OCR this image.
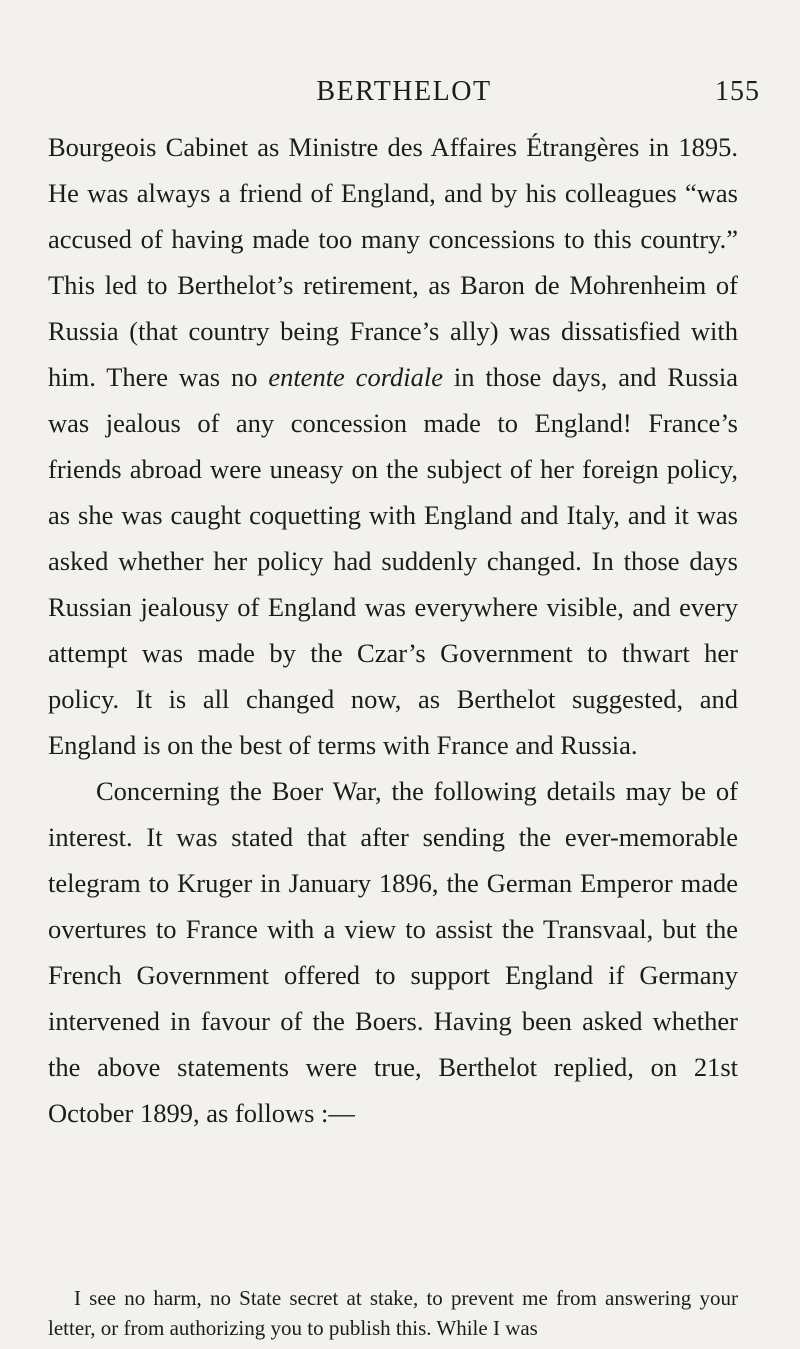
BERTHELOT	155

Bourgeois Cabinet as Ministre des Affaires Étrangères in 1895. He was always a friend of England, and by his colleagues “was accused of having made too many concessions to this country.” This led to Berthelot’s retirement, as Baron de Mohrenheim of Russia (that country being France’s ally) was dissatisfied with him. There was no entente cordiale in those days, and Russia was jealous of any concession made to England! France’s friends abroad were uneasy on the subject of her foreign policy, as she was caught coquetting with England and Italy, and it was asked whether her policy had suddenly changed. In those days Russian jealousy of England was everywhere visible, and every attempt was made by the Czar’s Government to thwart her policy. It is all changed now, as Berthelot suggested, and England is on the best of terms with France and Russia.

Concerning the Boer War, the following details may be of interest. It was stated that after sending the ever-memorable telegram to Kruger in January 1896, the German Emperor made overtures to France with a view to assist the Transvaal, but the French Government offered to support England if Germany intervened in favour of the Boers. Having been asked whether the above statements were true, Berthelot replied, on 21st October 1899, as follows :—

I see no harm, no State secret at stake, to prevent me from answering your letter, or from authorizing you to publish this. While I was
